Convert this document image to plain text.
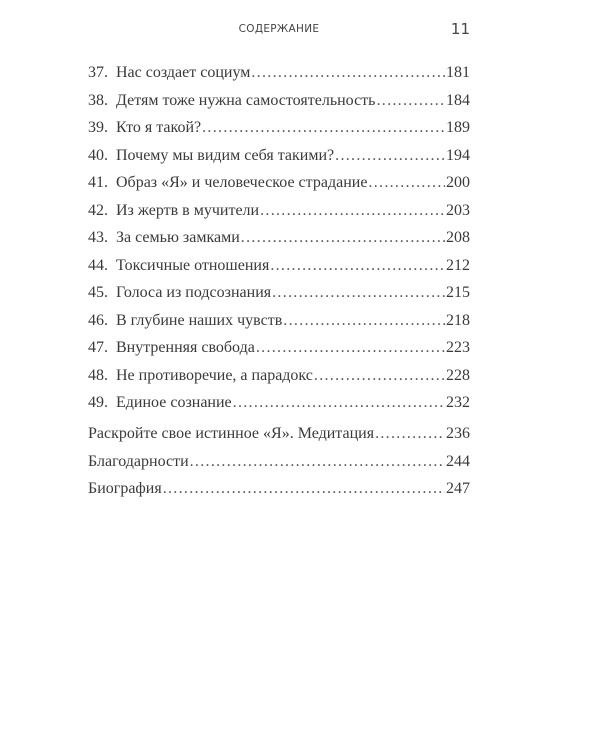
СОДЕРЖАНИЕ	11
37. Нас создает социум .....	181
38. Детям тоже нужна самостоятельность .....	184
39. Кто я такой? .....	189
40. Почему мы видим себя такими? .....	194
41. Образ «Я» и человеческое страдание .....	200
42. Из жертв в мучители .....	203
43. За семью замками .....	208
44. Токсичные отношения .....	212
45. Голоса из подсознания .....	215
46. В глубине наших чувств .....	218
47. Внутренняя свобода .....	223
48. Не противоречие, а парадокс .....	228
49. Единое сознание .....	232
Раскройте свое истинное «Я». Медитация .....	236
Благодарности .....	244
Биография .....	247
